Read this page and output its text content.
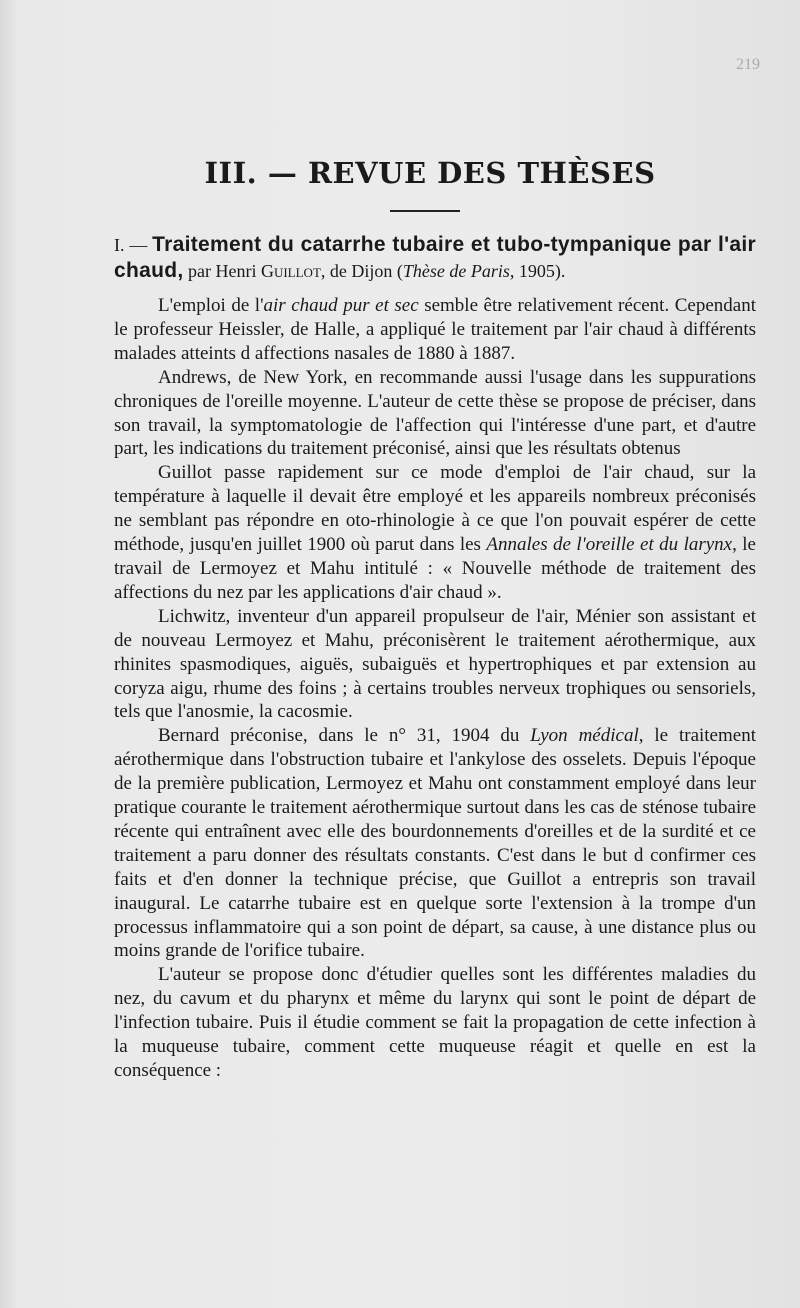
219
III. — REVUE DES THÈSES
I. — Traitement du catarrhe tubaire et tubo-tympanique par l'air chaud, par Henri Guillot, de Dijon (Thèse de Paris, 1905).

L'emploi de l'air chaud pur et sec semble être relativement récent. Cependant le professeur Heissler, de Halle, a appliqué le traitement par l'air chaud à différents malades atteints d affections nasales de 1880 à 1887.

Andrews, de New York, en recommande aussi l'usage dans les suppurations chroniques de l'oreille moyenne. L'auteur de cette thèse se propose de préciser, dans son travail, la symptomatologie de l'affection qui l'intéresse d'une part, et d'autre part, les indications du traitement préconisé, ainsi que les résultats obtenus

Guillot passe rapidement sur ce mode d'emploi de l'air chaud, sur la température à laquelle il devait être employé et les appareils nombreux préconisés ne semblant pas répondre en oto-rhinologie à ce que l'on pouvait espérer de cette méthode, jusqu'en juillet 1900 où parut dans les Annales de l'oreille et du larynx, le travail de Lermoyez et Mahu intitulé : « Nouvelle méthode de traitement des affections du nez par les applications d'air chaud ».

Lichwitz, inventeur d'un appareil propulseur de l'air, Ménier son assistant et de nouveau Lermoyez et Mahu, préconisèrent le traitement aérothermique, aux rhinites spasmodiques, aiguës, subaiguës et hypertrophiques et par extension au coryza aigu, rhume des foins ; à certains troubles nerveux trophiques ou sensoriels, tels que l'anosmie, la cacosmie.

Bernard préconise, dans le n° 31, 1904 du Lyon médical, le traitement aérothermique dans l'obstruction tubaire et l'ankylose des osselets. Depuis l'époque de la première publication, Lermoyez et Mahu ont constamment employé dans leur pratique courante le traitement aérothermique surtout dans les cas de sténose tubaire récente qui entraînent avec elle des bourdonnements d'oreilles et de la surdité et ce traitement a paru donner des résultats constants. C'est dans le but d confirmer ces faits et d'en donner la technique précise, que Guillot a entrepris son travail inaugural. Le catarrhe tubaire est en quelque sorte l'extension à la trompe d'un processus inflammatoire qui a son point de départ, sa cause, à une distance plus ou moins grande de l'orifice tubaire.

L'auteur se propose donc d'étudier quelles sont les différentes maladies du nez, du cavum et du pharynx et même du larynx qui sont le point de départ de l'infection tubaire. Puis il étudie comment se fait la propagation de cette infection à la muqueuse tubaire, comment cette muqueuse réagit et quelle en est la conséquence :
